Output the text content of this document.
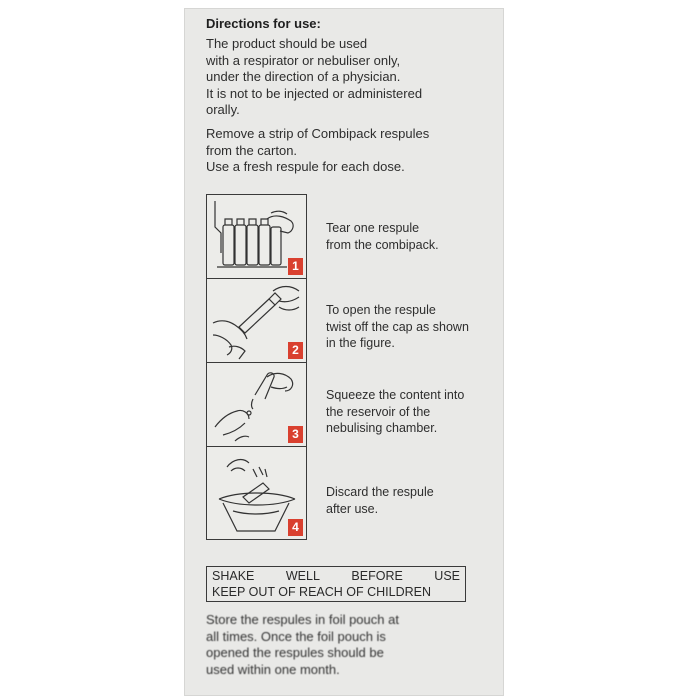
Directions for use:
The product should be used
with a respirator or nebuliser only,
under the direction of a physician.
It is not to be injected or administered
orally.
Remove a strip of Combipack respules
from the carton.
Use a fresh respule for each dose.
1
2
3
4
Tear one respule
from the combipack.
To open the respule
twist off the cap as shown
in the figure.
Squeeze the content into
the reservoir of the
nebulising chamber.
Discard the respule
after use.
SHAKE	WELL	BEFORE	USE
KEEP OUT OF REACH OF CHILDREN
Store the respules in foil pouch at
all times. Once the foil pouch is
opened the respules should be
used within one month.
